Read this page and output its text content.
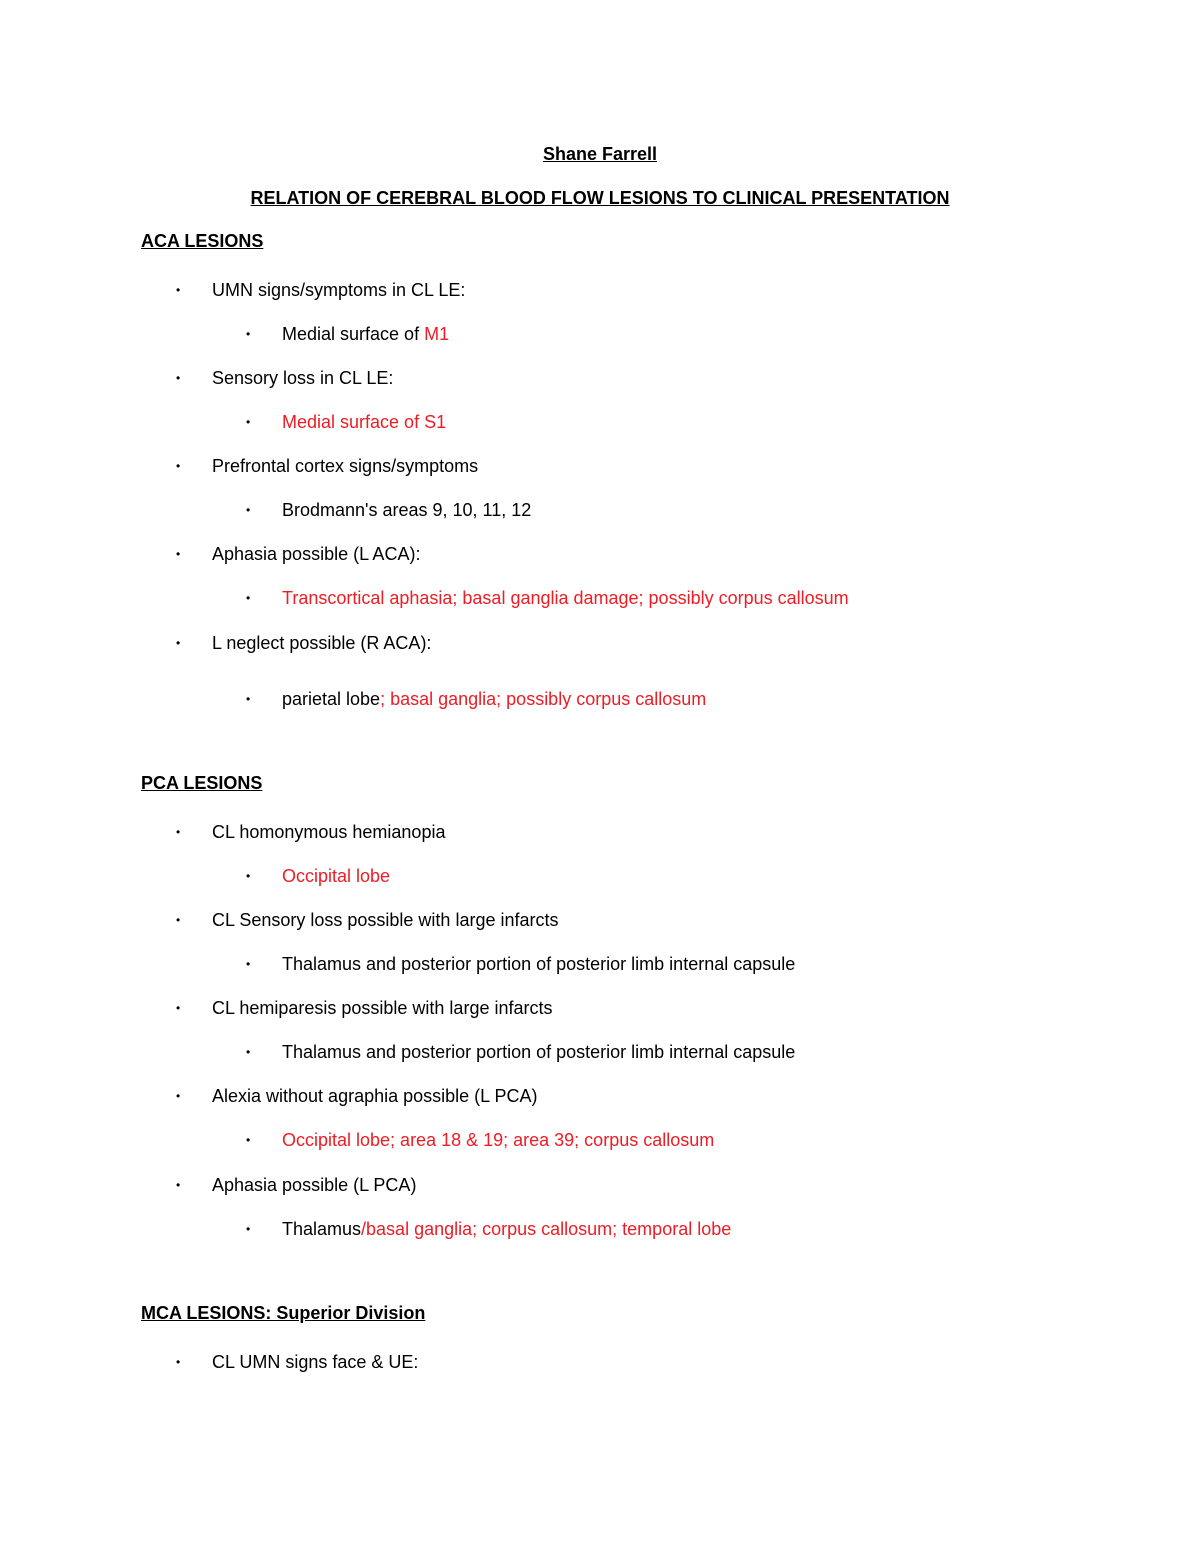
Shane Farrell
RELATION OF CEREBRAL BLOOD FLOW LESIONS TO CLINICAL PRESENTATION
ACA LESIONS
• UMN signs/symptoms in CL LE:
• Medial surface of M1
• Sensory loss in CL LE:
• Medial surface of S1
• Prefrontal cortex signs/symptoms
• Brodmann's areas 9, 10, 11, 12
• Aphasia possible (L ACA):
• Transcortical aphasia; basal ganglia damage; possibly corpus callosum
• L neglect possible (R ACA):
• parietal lobe; basal ganglia; possibly corpus callosum
PCA LESIONS
• CL homonymous hemianopia
• Occipital lobe
• CL Sensory loss possible with large infarcts
• Thalamus and posterior portion of posterior limb internal capsule
• CL hemiparesis possible with large infarcts
• Thalamus and posterior portion of posterior limb internal capsule
• Alexia without agraphia possible (L PCA)
• Occipital lobe; area 18 & 19; area 39; corpus callosum
• Aphasia possible (L PCA)
• Thalamus/basal ganglia; corpus callosum; temporal lobe
MCA LESIONS: Superior Division
• CL UMN signs face & UE:
